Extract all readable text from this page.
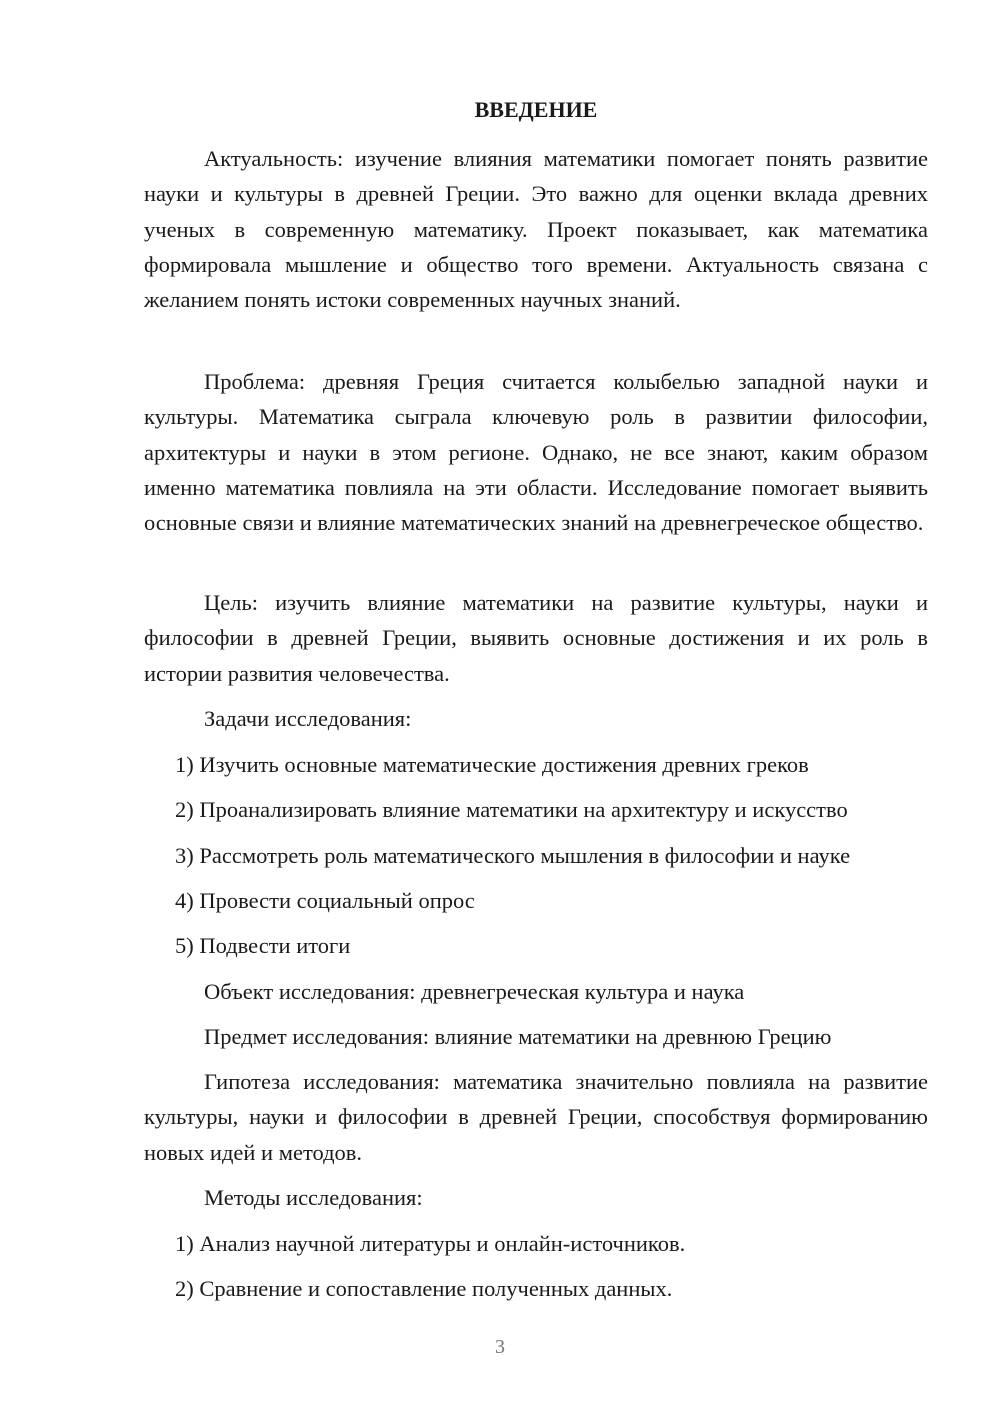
ВВЕДЕНИЕ

Актуальность: изучение влияния математики помогает понять развитие науки и культуры в древней Греции. Это важно для оценки вклада древних ученых в современную математику. Проект показывает, как математика формировала мышление и общество того времени. Актуальность связана с желанием понять истоки современных научных знаний.

Проблема: древняя Греция считается колыбелью западной науки и культуры. Математика сыграла ключевую роль в развитии философии, архитектуры и науки в этом регионе. Однако, не все знают, каким образом именно математика повлияла на эти области. Исследование помогает выявить основные связи и влияние математических знаний на древнегреческое общество.

Цель: изучить влияние математики на развитие культуры, науки и философии в древней Греции, выявить основные достижения и их роль в истории развития человечества.

Задачи исследования:

1) Изучить основные математические достижения древних греков

2) Проанализировать влияние математики на архитектуру и искусство

3) Рассмотреть роль математического мышления в философии и науке

4) Провести социальный опрос

5) Подвести итоги

Объект исследования: древнегреческая культура и наука

Предмет исследования: влияние математики на древнюю Грецию

Гипотеза исследования: математика значительно повлияла на развитие культуры, науки и философии в древней Греции, способствуя формированию новых идей и методов.

Методы исследования:

1) Анализ научной литературы и онлайн-источников.

2) Сравнение и сопоставление полученных данных.

3
